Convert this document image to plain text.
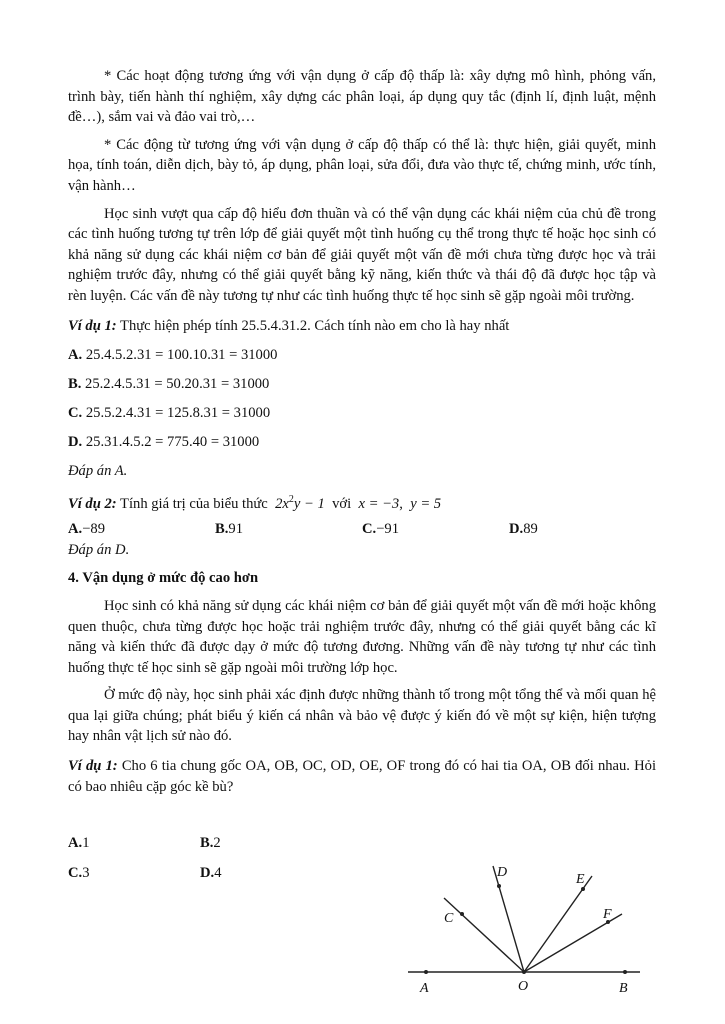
* Các hoạt động tương ứng với vận dụng ở cấp độ thấp là: xây dựng mô hình, phỏng vấn, trình bày, tiến hành thí nghiệm, xây dựng các phân loại, áp dụng quy tắc (định lí, định luật, mệnh đề…), sắm vai và đảo vai trò,…

* Các động từ tương ứng với vận dụng ở cấp độ thấp có thể là: thực hiện, giải quyết, minh họa, tính toán, diễn dịch, bày tỏ, áp dụng, phân loại, sửa đổi, đưa vào thực tế, chứng minh, ước tính, vận hành…

Học sinh vượt qua cấp độ hiểu đơn thuần và có thể vận dụng các khái niệm của chủ đề trong các tình huống tương tự trên lớp để giải quyết một tình huống cụ thể trong thực tế hoặc học sinh có khả năng sử dụng các khái niệm cơ bản để giải quyết một vấn đề mới chưa từng được học và trải nghiệm trước đây, nhưng có thể giải quyết bằng kỹ năng, kiến thức và thái độ đã được học tập và rèn luyện. Các vấn đề này tương tự như các tình huống thực tế học sinh sẽ gặp ngoài môi trường.

Ví dụ 1: Thực hiện phép tính 25.5.4.31.2. Cách tính nào em cho là hay nhất

A. 25.4.5.2.31 = 100.10.31 = 31000
B. 25.2.4.5.31 = 50.20.31 = 31000
C. 25.5.2.4.31 = 125.8.31 = 31000
D. 25.31.4.5.2 = 775.40 = 31000

Đáp án A.

Ví dụ 2: Tính giá trị của biểu thức $2x^2y - 1$ với x = −3, y = 5

A.−89	B.91	C.−91	D.89

Đáp án D.

4. Vận dụng ở mức độ cao hơn

Học sinh có khả năng sử dụng các khái niệm cơ bản để giải quyết một vấn đề mới hoặc không quen thuộc, chưa từng được học hoặc trải nghiệm trước đây, nhưng có thể giải quyết bằng các kĩ năng và kiến thức đã được dạy ở mức độ tương đương. Những vấn đề này tương tự như các tình huống thực tế học sinh sẽ gặp ngoài môi trường lớp học.

Ở mức độ này, học sinh phải xác định được những thành tố trong một tổng thể và mối quan hệ qua lại giữa chúng; phát biểu ý kiến cá nhân và bảo vệ được ý kiến đó về một sự kiện, hiện tượng hay nhân vật lịch sử nào đó.

Ví dụ 1: Cho 6 tia chung gốc OA, OB, OC, OD, OE, OF trong đó có hai tia OA, OB đối nhau. Hỏi có bao nhiêu cặp góc kề bù?

A.1	B.2
C.3	D.4
A	O	B
C
D	E
F
